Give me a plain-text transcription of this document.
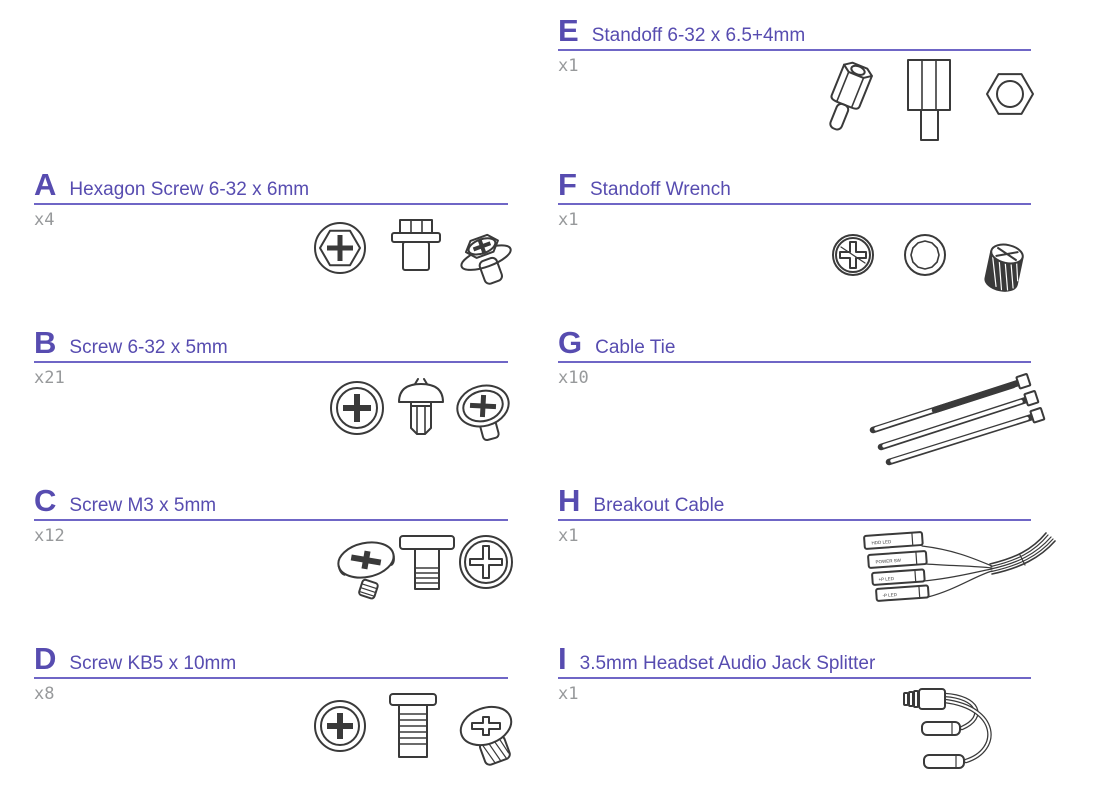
A Hexagon Screw 6-32 x 6mm
x4
B Screw 6-32 x 5mm
x21
C Screw M3 x 5mm
x12
D Screw KB5 x 10mm
x8
E Standoff 6-32 x 6.5+4mm
x1
F Standoff Wrench
x1
G Cable Tie
x10
H Breakout Cable
x1	HDD LED
POWER SW
+P LED
-P LED
I 3.5mm Headset Audio Jack Splitter
x1
